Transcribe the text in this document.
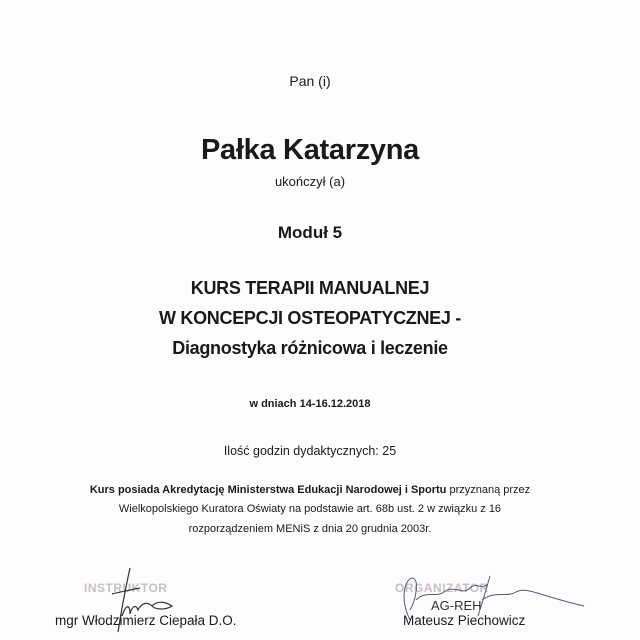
Pan (i)
Pałka Katarzyna
ukończył (a)
Moduł 5
KURS TERAPII MANUALNEJ
W KONCEPCJI OSTEOPATYCZNEJ -
Diagnostyka różnicowa i leczenie
w dniach 14-16.12.2018
Ilość godzin dydaktycznych: 25
Kurs posiada Akredytację Ministerstwa Edukacji Narodowej i Sportu przyznaną przez
Wielkopolskiego Kuratora Oświaty na podstawie art. 68b ust. 2 w związku z 16
rozporządzeniem MENiS z dnia 20 grudnia 2003r.
INSTRUKTOR
mgr Włodzimierz Ciepała D.O.
ORGANIZATOR
AG-REH
Mateusz Piechowicz
